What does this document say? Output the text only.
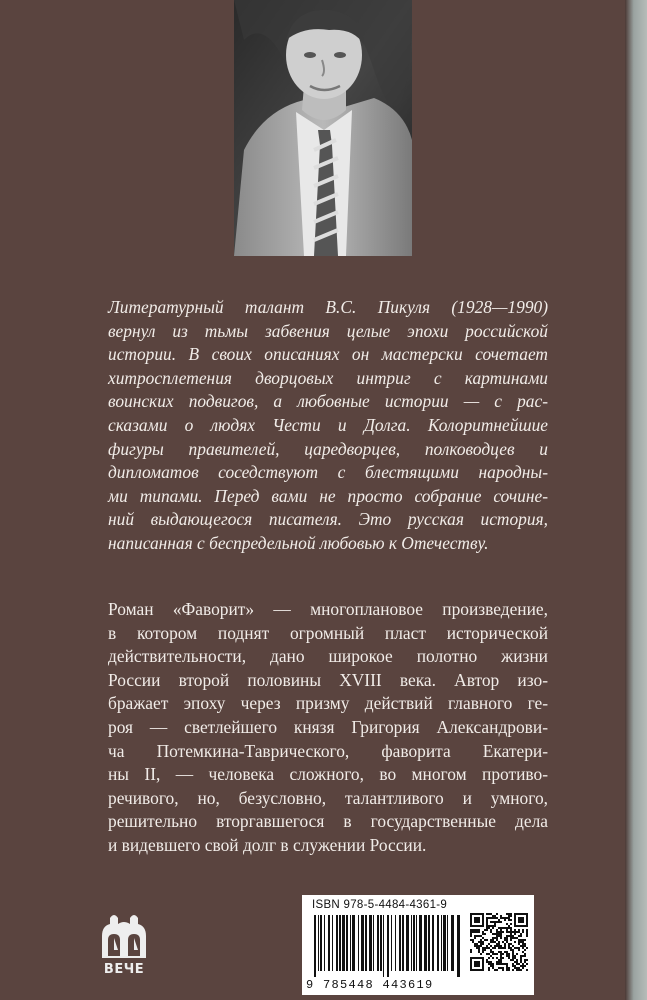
Литературный талант В.С. Пикуля (1928—1990)
вернул из тьмы забвения целые эпохи российской
истории. В своих описаниях он мастерски сочетает
хитросплетения дворцовых интриг с картинами
воинских подвигов, а любовные истории — с рас-
сказами о людях Чести и Долга. Колоритнейшие
фигуры правителей, царедворцев, полководцев и
дипломатов соседствуют с блестящими народны-
ми типами. Перед вами не просто собрание сочине-
ний выдающегося писателя. Это русская история,
написанная с беспредельной любовью к Отечеству.
Роман «Фаворит» — многоплановое произведение,
в котором поднят огромный пласт исторической
действительности, дано широкое полотно жизни
России второй половины XVIII века. Автор изо-
бражает эпоху через призму действий главного ге-
роя — светлейшего князя Григория Александрови-
ча Потемкина-Таврического, фаворита Екатери-
ны II, — человека сложного, во многом противо-
речивого, но, безусловно, талантливого и умного,
решительно вторгавшегося в государственные дела
и видевшего свой долг в служении России.
ВЕЧЕ
ISBN 978-5-4484-4361-9
9 785448 443619
